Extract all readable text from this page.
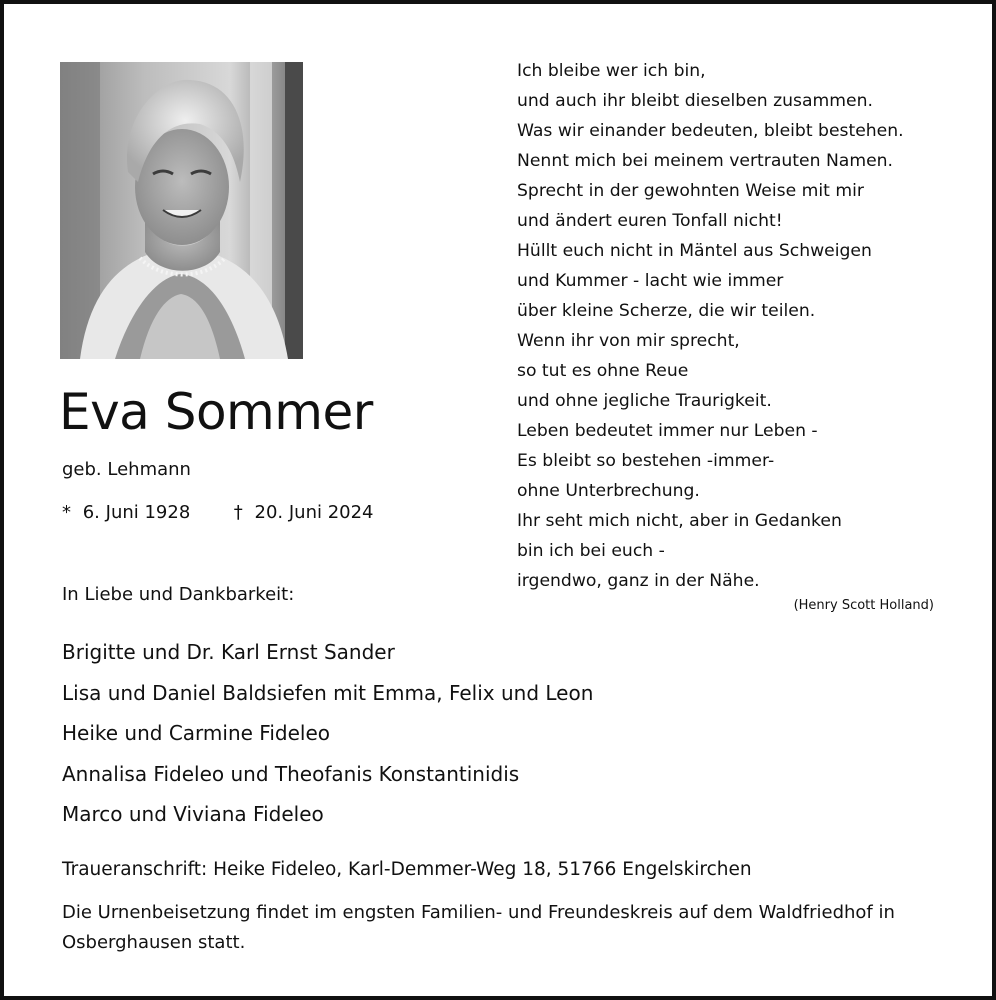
Eva Sommer
geb. Lehmann
* 6. Juni 1928 † 20. Juni 2024
In Liebe und Dankbarkeit:
Brigitte und Dr. Karl Ernst Sander
Lisa und Daniel Baldsiefen mit Emma, Felix und Leon
Heike und Carmine Fideleo
Annalisa Fideleo und Theofanis Konstantinidis
Marco und Viviana Fideleo
Ich bleibe wer ich bin,
und auch ihr bleibt dieselben zusammen.
Was wir einander bedeuten, bleibt bestehen.
Nennt mich bei meinem vertrauten Namen.
Sprecht in der gewohnten Weise mit mir
und ändert euren Tonfall nicht!
Hüllt euch nicht in Mäntel aus Schweigen
und Kummer - lacht wie immer
über kleine Scherze, die wir teilen.
Wenn ihr von mir sprecht,
so tut es ohne Reue
und ohne jegliche Traurigkeit.
Leben bedeutet immer nur Leben -
Es bleibt so bestehen -immer-
ohne Unterbrechung.
Ihr seht mich nicht, aber in Gedanken
bin ich bei euch -
irgendwo, ganz in der Nähe.
(Henry Scott Holland)
Traueranschrift: Heike Fideleo, Karl-Demmer-Weg 18, 51766 Engelskirchen
Die Urnenbeisetzung findet im engsten Familien- und Freundeskreis auf dem Waldfriedhof in Osberghausen statt.
